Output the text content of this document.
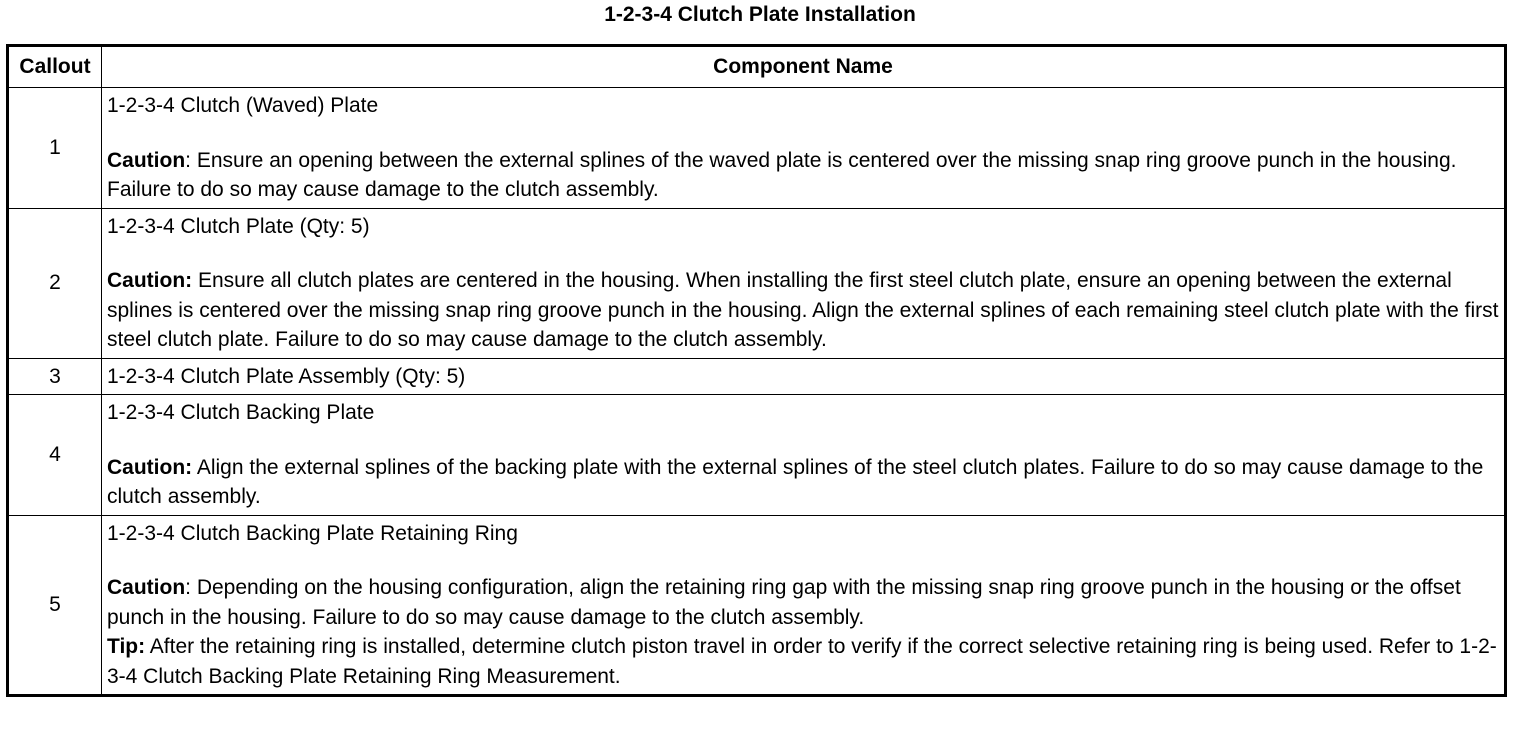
1-2-3-4 Clutch Plate Installation
Callout	Component Name
1	1-2-3-4 Clutch (Waved) Plate
Caution: Ensure an opening between the external splines of the waved plate is centered over the missing snap ring groove punch in the housing. Failure to do so may cause damage to the clutch assembly.

2	1-2-3-4 Clutch Plate (Qty: 5)
Caution: Ensure all clutch plates are centered in the housing. When installing the first steel clutch plate, ensure an opening between the external splines is centered over the missing snap ring groove punch in the housing. Align the external splines of each remaining steel clutch plate with the first steel clutch plate. Failure to do so may cause damage to the clutch assembly.

3	1-2-3-4 Clutch Plate Assembly (Qty: 5)

4	1-2-3-4 Clutch Backing Plate
Caution: Align the external splines of the backing plate with the external splines of the steel clutch plates. Failure to do so may cause damage to the clutch assembly.

5	1-2-3-4 Clutch Backing Plate Retaining Ring
Caution: Depending on the housing configuration, align the retaining ring gap with the missing snap ring groove punch in the housing or the offset punch in the housing. Failure to do so may cause damage to the clutch assembly.
Tip: After the retaining ring is installed, determine clutch piston travel in order to verify if the correct selective retaining ring is being used. Refer to 1-2-3-4 Clutch Backing Plate Retaining Ring Measurement.
